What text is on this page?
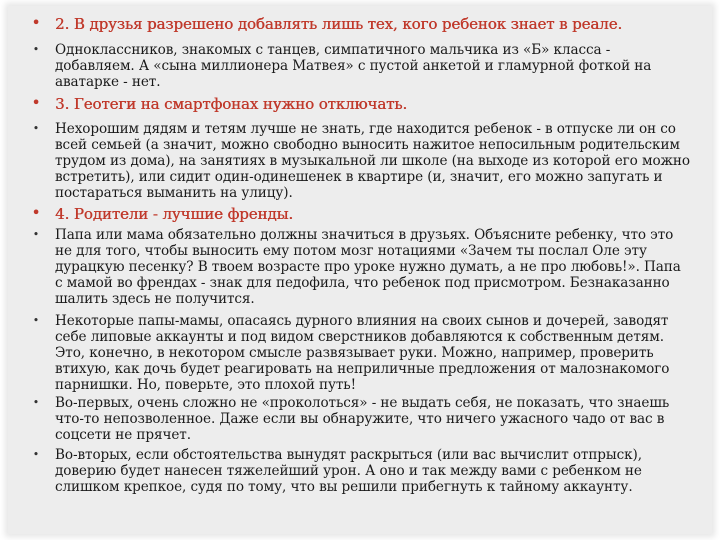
• 2. В друзья разрешено добавлять лишь тех, кого ребенок знает в реале.
• Одноклассников, знакомых с танцев, симпатичного мальчика из «Б» класса - добавляем. А «сына миллионера Матвея» с пустой анкетой и гламурной фоткой на аватарке - нет.
• 3. Геотеги на смартфонах нужно отключать.
• Нехорошим дядям и тетям лучше не знать, где находится ребенок - в отпуске ли он со всей семьей (а значит, можно свободно выносить нажитое непосильным родительским трудом из дома), на занятиях в музыкальной ли школе (на выходе из которой его можно встретить), или сидит один-одинешенек в квартире (и, значит, его можно запугать и постараться выманить на улицу).
• 4. Родители - лучшие френды.
• Папа или мама обязательно должны значиться в друзьях. Объясните ребенку, что это не для того, чтобы выносить ему потом мозг нотациями «Зачем ты послал Оле эту дурацкую песенку? В твоем возрасте про уроке нужно думать, а не про любовь!». Папа с мамой во френдах - знак для педофила, что ребенок под присмотром. Безнаказанно шалить здесь не получится.
• Некоторые папы-мамы, опасаясь дурного влияния на своих сынов и дочерей, заводят себе липовые аккаунты и под видом сверстников добавляются к собственным детям. Это, конечно, в некотором смысле развязывает руки. Можно, например, проверить втихую, как дочь будет реагировать на неприличные предложения от малознакомого парнишки. Но, поверьте, это плохой путь!
• Во-первых, очень сложно не «проколоться» - не выдать себя, не показать, что знаешь что-то непозволенное. Даже если вы обнаружите, что ничего ужасного чадо от вас в соцсети не прячет.
• Во-вторых, если обстоятельства вынудят раскрыться (или вас вычислит отпрыск), доверию будет нанесен тяжелейший урон. А оно и так между вами с ребенком не слишком крепкое, судя по тому, что вы решили прибегнуть к тайному аккаунту.
